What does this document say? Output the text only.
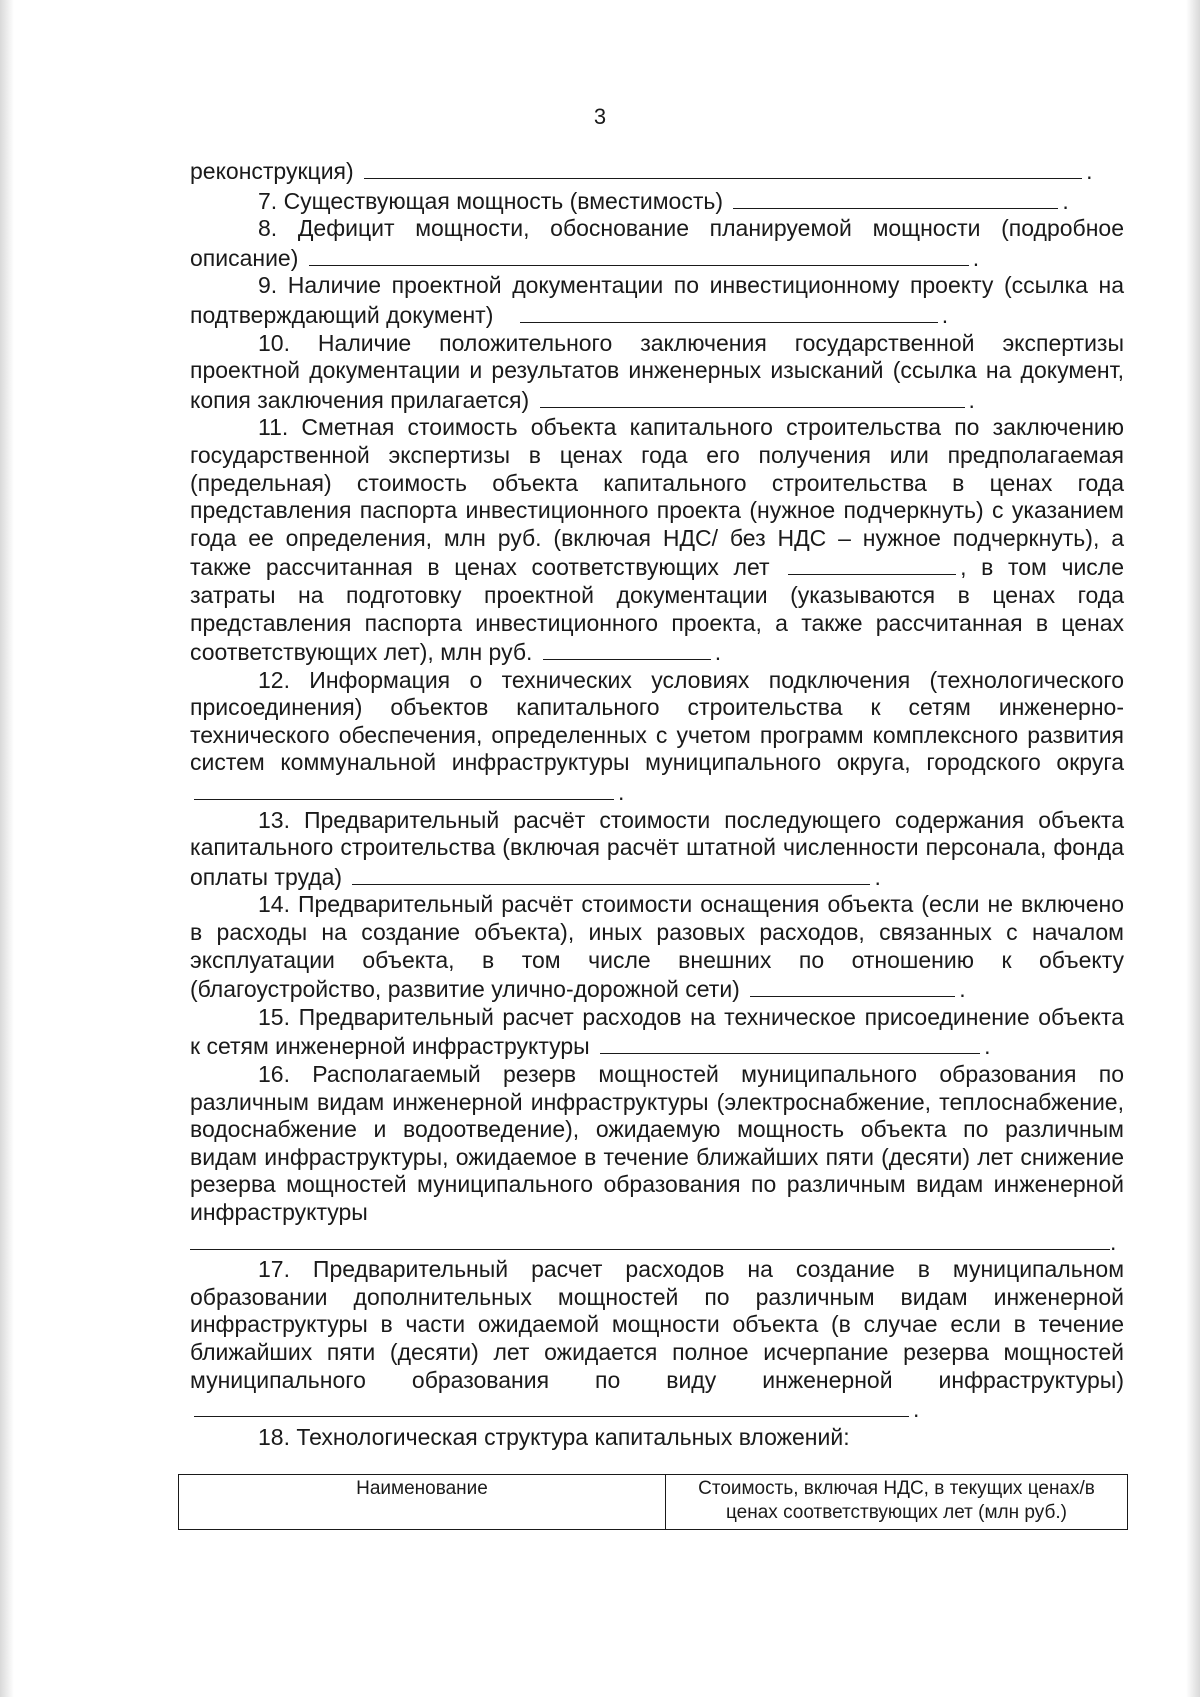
3

реконструкция)	.

7. Существующая мощность (вместимость)	.

8. Дефицит мощности, обоснование планируемой мощности (подробное описание)	.

9. Наличие проектной документации по инвестиционному проекту (ссылка на подтверждающий документ)	.

10. Наличие положительного заключения государственной экспертизы проектной документации и результатов инженерных изысканий (ссылка на документ, копия заключения прилагается)	.

11. Сметная стоимость объекта капитального строительства по заключению государственной экспертизы в ценах года его получения или предполагаемая (предельная) стоимость объекта капитального строительства в ценах года представления паспорта инвестиционного проекта (нужное подчеркнуть) с указанием года ее определения, млн руб. (включая НДС/ без НДС – нужное подчеркнуть), а также рассчитанная в ценах соответствующих лет	, в том числе затраты на подготовку проектной документации (указываются в ценах года представления паспорта инвестиционного проекта, а также рассчитанная в ценах соответствующих лет), млн руб.	.

12. Информация о технических условиях подключения (технологического присоединения) объектов капитального строительства к сетям инженерно-технического обеспечения, определенных с учетом программ комплексного развития систем коммунальной инфраструктуры муниципального округа, городского округа .

13. Предварительный расчёт стоимости последующего содержания объекта капитального строительства (включая расчёт штатной численности персонала, фонда оплаты труда)	.

14. Предварительный расчёт стоимости оснащения объекта (если не включено в расходы на создание объекта), иных разовых расходов, связанных с началом эксплуатации объекта, в том числе внешних по отношению к объекту (благоустройство, развитие улично-дорожной сети)	.

15. Предварительный расчет расходов на техническое присоединение объекта к сетям инженерной инфраструктуры	.

16. Располагаемый резерв мощностей муниципального образования по различным видам инженерной инфраструктуры (электроснабжение, теплоснабжение, водоснабжение и водоотведение), ожидаемую мощность объекта по различным видам инфраструктуры, ожидаемое в течение ближайших пяти (десяти) лет снижение резерва мощностей муниципального образования по различным видам инженерной инфраструктуры

.

17. Предварительный расчет расходов на создание в муниципальном образовании дополнительных мощностей по различным видам инженерной инфраструктуры в части ожидаемой мощности объекта (в случае если в течение ближайших пяти (десяти) лет ожидается полное исчерпание резерва мощностей муниципального образования по виду инженерной инфраструктуры) .

18. Технологическая структура капитальных вложений:

Наименование	Стоимость, включая НДС, в текущих ценах/в ценах соответствующих лет (млн руб.)
